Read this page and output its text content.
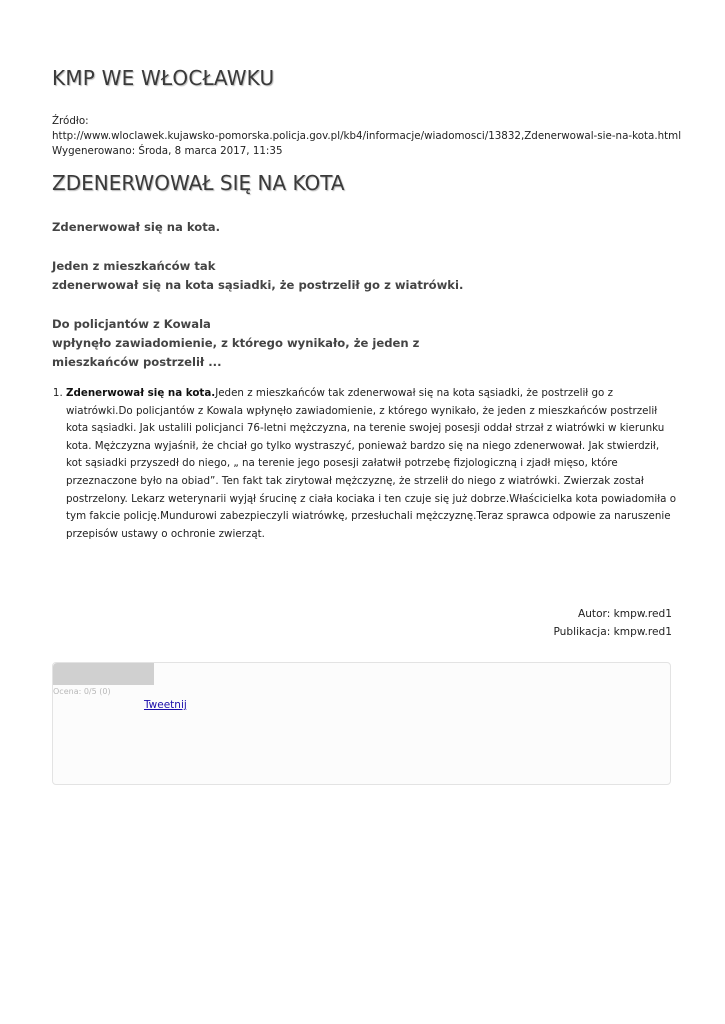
KMP WE WŁOCŁAWKU
Źródło:
http://www.wloclawek.kujawsko-pomorska.policja.gov.pl/kb4/informacje/wiadomosci/13832,Zdenerwowal-sie-na-kota.html
Wygenerowano: Środa, 8 marca 2017, 11:35
ZDENERWOWAŁ SIĘ NA KOTA
Zdenerwował się na kota.
Jeden z mieszkańców tak
zdenerwował się na kota sąsiadki, że postrzelił go z wiatrówki.
Do policjantów z Kowala
wpłynęło zawiadomienie, z którego wynikało, że jeden z
mieszkańców postrzelił ...
1. Zdenerwował się na kota.Jeden z mieszkańców tak zdenerwował się na kota sąsiadki, że postrzelił go z wiatrówki.Do policjantów z Kowala wpłynęło zawiadomienie, z którego wynikało, że jeden z mieszkańców postrzelił kota sąsiadki. Jak ustalili policjanci 76-letni mężczyzna, na terenie swojej posesji oddał strzał z wiatrówki w kierunku kota. Mężczyzna wyjaśnił, że chciał go tylko wystraszyć, ponieważ bardzo się na niego zdenerwował. Jak stwierdził, kot sąsiadki przyszedł do niego, „ na terenie jego posesji załatwił potrzebę fizjologiczną i zjadł mięso, które przeznaczone było na obiad”. Ten fakt tak zirytował mężczyznę, że strzelił do niego z wiatrówki. Zwierzak został postrzelony. Lekarz weterynarii wyjął śrucinę z ciała kociaka i ten czuje się już dobrze.Właścicielka kota powiadomiła o tym fakcie policję.Mundurowi zabezpieczyli wiatrówkę, przesłuchali mężczyznę.Teraz sprawca odpowie za naruszenie przepisów ustawy o ochronie zwierząt.
Autor: kmpw.red1
Publikacja: kmpw.red1
Ocena: 0/5 (0)
Tweetnij
